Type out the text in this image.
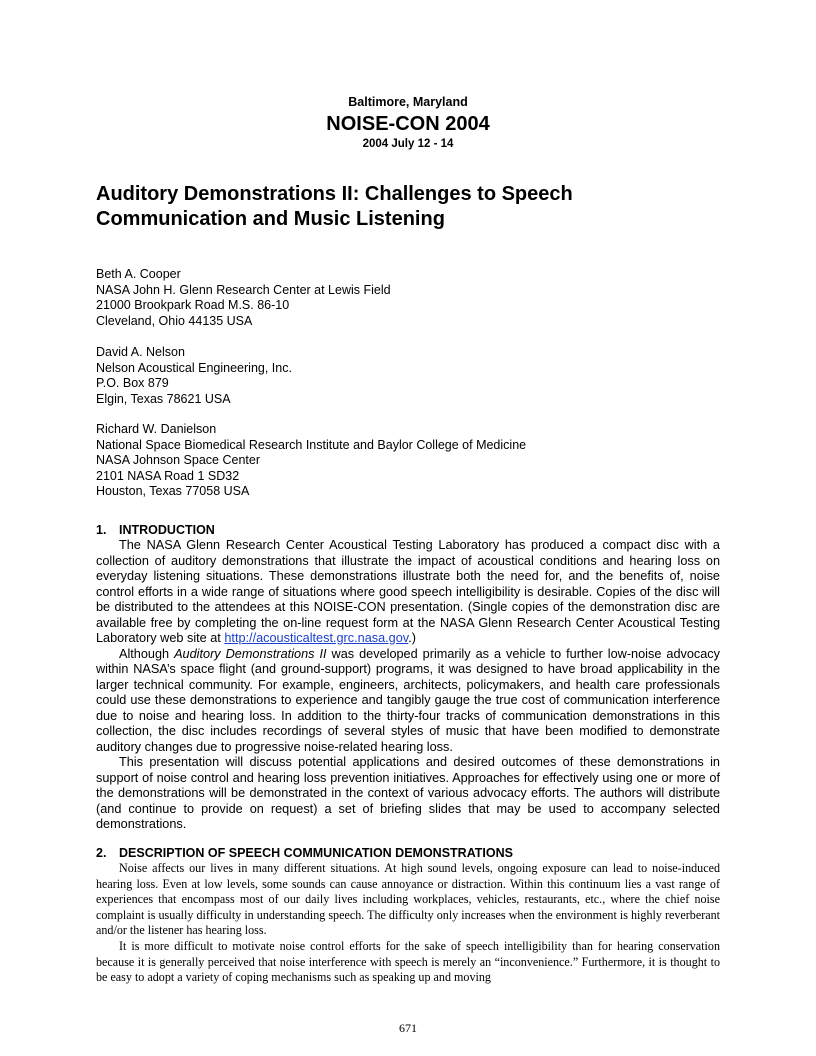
Baltimore, Maryland
NOISE-CON 2004
2004 July 12 - 14
Auditory Demonstrations II: Challenges to Speech
Communication and Music Listening
Beth A. Cooper
NASA John H. Glenn Research Center at Lewis Field
21000 Brookpark Road M.S. 86-10
Cleveland, Ohio 44135 USA
David A. Nelson
Nelson Acoustical Engineering, Inc.
P.O. Box 879
Elgin, Texas 78621 USA
Richard W. Danielson
National Space Biomedical Research Institute and Baylor College of Medicine
NASA Johnson Space Center
2101 NASA Road 1 SD32
Houston, Texas 77058 USA
1. INTRODUCTION

The NASA Glenn Research Center Acoustical Testing Laboratory has produced a compact disc with a collection of auditory demonstrations that illustrate the impact of acoustical conditions and hearing loss on everyday listening situations. These demonstrations illustrate both the need for, and the benefits of, noise control efforts in a wide range of situations where good speech intelligibility is desirable. Copies of the disc will be distributed to the attendees at this NOISE-CON presentation. (Single copies of the demonstration disc are available free by completing the on-line request form at the NASA Glenn Research Center Acoustical Testing Laboratory web site at http://acousticaltest.grc.nasa.gov.)

Although Auditory Demonstrations II was developed primarily as a vehicle to further low-noise advocacy within NASA’s space flight (and ground-support) programs, it was designed to have broad applicability in the larger technical community. For example, engineers, architects, policymakers, and health care professionals could use these demonstrations to experience and tangibly gauge the true cost of communication interference due to noise and hearing loss. In addition to the thirty-four tracks of communication demonstrations in this collection, the disc includes recordings of several styles of music that have been modified to demonstrate auditory changes due to progressive noise-related hearing loss.

This presentation will discuss potential applications and desired outcomes of these demonstrations in support of noise control and hearing loss prevention initiatives. Approaches for effectively using one or more of the demonstrations will be demonstrated in the context of various advocacy efforts. The authors will distribute (and continue to provide on request) a set of briefing slides that may be used to accompany selected demonstrations.

2. DESCRIPTION OF SPEECH COMMUNICATION DEMONSTRATIONS

Noise affects our lives in many different situations. At high sound levels, ongoing exposure can lead to noise-induced hearing loss. Even at low levels, some sounds can cause annoyance or distraction. Within this continuum lies a vast range of experiences that encompass most of our daily lives including workplaces, vehicles, restaurants, etc., where the chief noise complaint is usually difficulty in understanding speech. The difficulty only increases when the environment is highly reverberant and/or the listener has hearing loss.

It is more difficult to motivate noise control efforts for the sake of speech intelligibility than for hearing conservation because it is generally perceived that noise interference with speech is merely an “inconvenience.” Furthermore, it is thought to be easy to adopt a variety of coping mechanisms such as speaking up and moving

671
